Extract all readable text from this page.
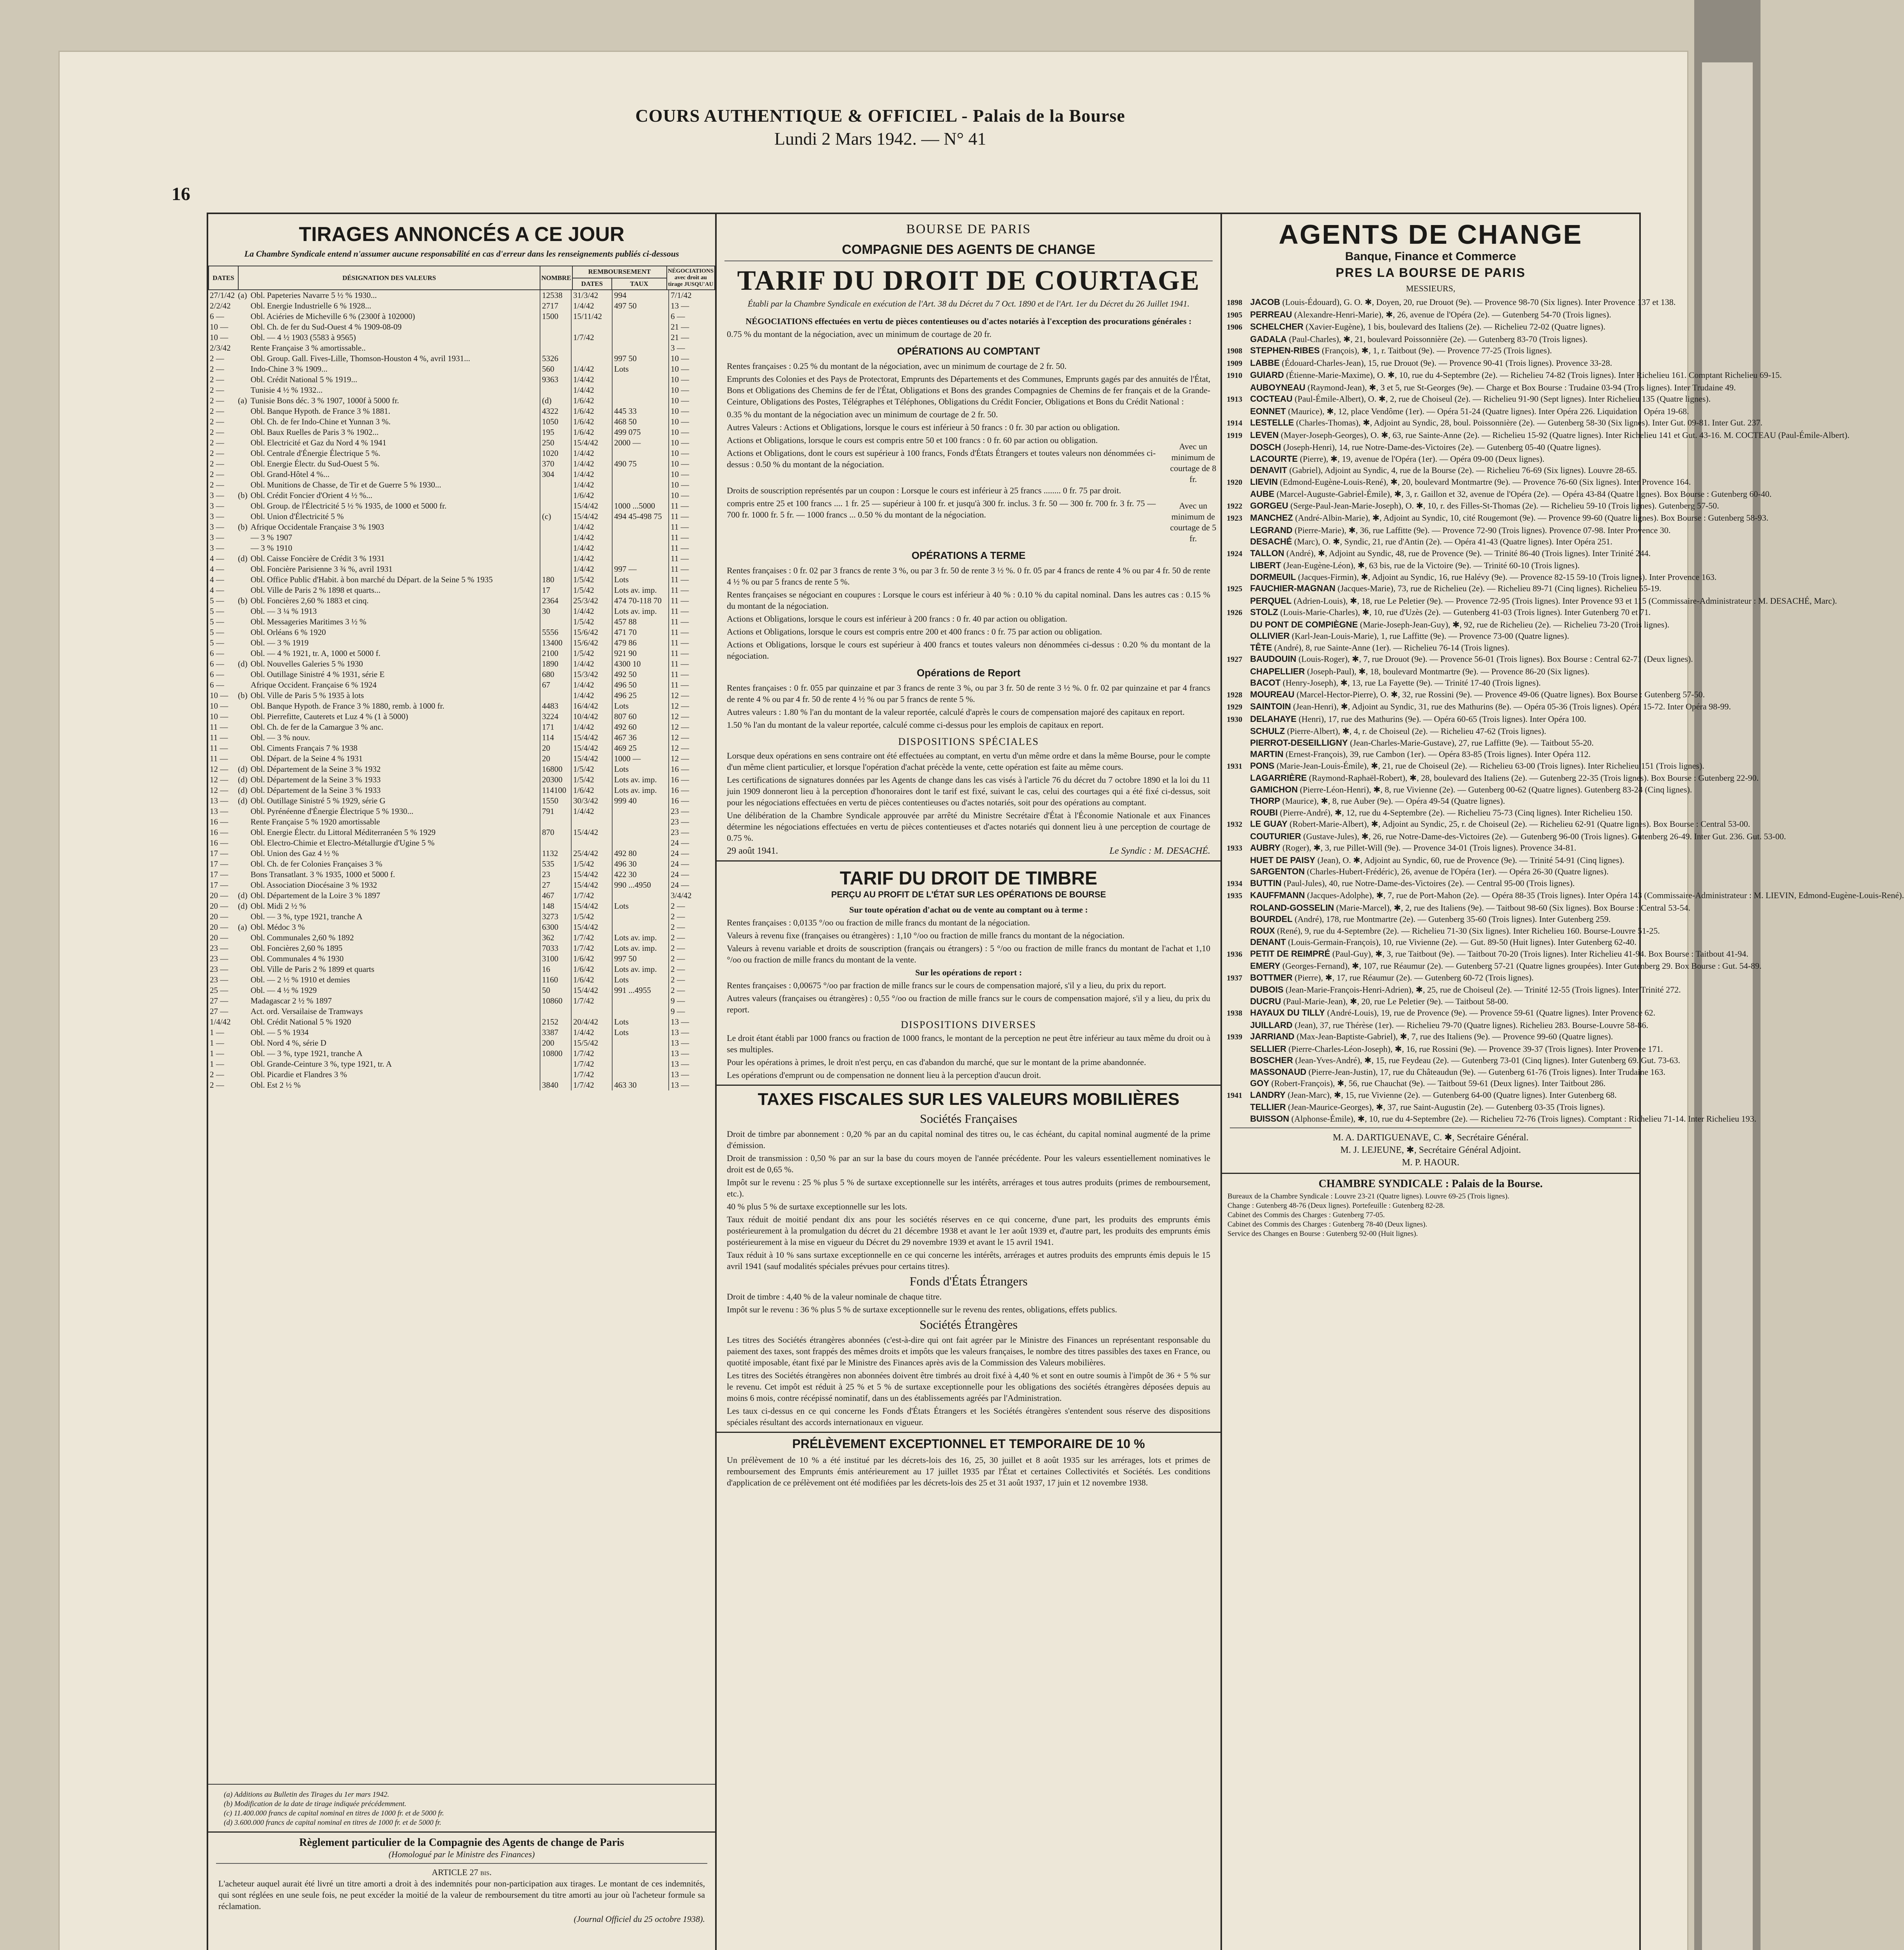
COURS AUTHENTIQUE & OFFICIEL - Palais de la Bourse
Lundi 2 Mars 1942. — N° 41
16
TIRAGES ANNONCÉS A CE JOUR
La Chambre Syndicale entend n'assumer aucune responsabilité en cas d'erreur dans les renseignements publiés ci-dessous
DATES	DÉSIGNATION DES VALEURS	NOMBRE	REMBOURSEMENT		NÉGOCIATIONS avec droit au tirage JUSQU'AU
			DATES	TAUX	
27/1/42	(a)	Obl. Papeteries Navarre 5 ½ % 1930...	12538	31/3/42	994	7/1/42
2/2/42		Obl. Energie Industrielle 6 % 1928...	2717	1/4/42	497 50	13 —
6 —		Obl. Aciéries de Micheville 6 % (2300f à 102000)	1500	15/11/42		6 —
10 —		Obl. Ch. de fer du Sud-Ouest 4 % 1909-08-09				21 —
10 —		Obl. — 4 ½ 1903 (5583 à 9565)		1/7/42		21 —
2/3/42		Rente Française 3 % amortissable..				3 —
2 —		Obl. Group. Gall. Fives-Lille, Thomson-Houston 4 %, avril 1931...	5326		997 50	10 —
2 —		Indo-Chine 3 % 1909...	560	1/4/42	Lots	10 —
2 —		Obl. Crédit National 5 % 1919...	9363	1/4/42		10 —
2 —		Tunisie 4 ½ % 1932...		1/4/42		10 —
2 —	(a)	Tunisie Bons déc. 3 % 1907, 1000f à 5000 fr.	(d)	1/6/42		10 —
2 —		Obl. Banque Hypoth. de France 3 % 1881.	4322	1/6/42	445 33	10 —
2 —		Obl. Ch. de fer Indo-Chine et Yunnan 3 %.	1050	1/6/42	468 50	10 —
2 —		Obl. Baux Ruelles de Paris 3 % 1902...	195	1/6/42	499 075	10 —
2 —		Obl. Electricité et Gaz du Nord 4 % 1941	250	15/4/42	2000 —	10 —
2 —		Obl. Centrale d'Énergie Électrique 5 %.	1020	1/4/42		10 —
2 —		Obl. Energie Électr. du Sud-Ouest 5 %.	370	1/4/42	490 75	10 —
2 —		Obl. Grand-Hôtel 4 %...	304	1/4/42		10 —
2 —		Obl. Munitions de Chasse, de Tir et de Guerre 5 % 1930...		1/4/42		10 —
3 —	(b)	Obl. Crédit Foncier d'Orient 4 ½ %...		1/6/42		10 —
3 —		Obl. Group. de l'Électricité 5 ½ % 1935, de 1000 et 5000 fr.		15/4/42	1000 ...5000	11 —
3 —		Obl. Union d'Électricité 5 %	(c)	15/4/42	494 45-498 75	11 —
3 —	(b)	Afrique Occidentale Française 3 % 1903		1/4/42		11 —
3 —		— 3 % 1907		1/4/42		11 —
3 —		— 3 % 1910		1/4/42		11 —
4 —	(d)	Obl. Caisse Foncière de Crédit 3 % 1931		1/4/42		11 —
4 —		Obl. Foncière Parisienne 3 ¾ %, avril 1931		1/4/42	997 —	11 —
4 —		Obl. Office Public d'Habit. à bon marché du Départ. de la Seine 5 % 1935	180	1/5/42	Lots	11 —
4 —		Obl. Ville de Paris 2 % 1898 et quarts...	17	1/5/42	Lots av. imp.	11 —
5 —	(b)	Obl. Foncières 2,60 % 1883 et cinq.	2364	25/3/42	474 70-118 70	11 —
5 —		Obl. — 3 ¼ % 1913	30	1/4/42	Lots av. imp.	11 —
5 —		Obl. Messageries Maritimes 3 ½ %		1/5/42	457 88	11 —
5 —		Obl. Orléans 6 % 1920	5556	15/6/42	471 70	11 —
5 —		Obl. — 3 % 1919	13400	15/6/42	479 86	11 —
6 —		Obl. — 4 % 1921, tr. A, 1000 et 5000 f.	2100	1/5/42	921 90	11 —
6 —	(d)	Obl. Nouvelles Galeries 5 % 1930	1890	1/4/42	4300 10	11 —
6 —		Obl. Outillage Sinistré 4 % 1931, série E	680	15/3/42	492 50	11 —
6 —		Afrique Occident. Française 6 % 1924	67	1/4/42	496 50	11 —
10 —	(b)	Obl. Ville de Paris 5 % 1935 à lots		1/4/42	496 25	12 —
10 —		Obl. Banque Hypoth. de France 3 % 1880, remb. à 1000 fr.	4483	16/4/42	Lots	12 —
10 —		Obl. Pierrefitte, Cauterets et Luz 4 % (1 à 5000)	3224	10/4/42	807 60	12 —
11 —		Obl. Ch. de fer de la Camargue 3 % anc.	171	1/4/42	492 60	12 —
11 —		Obl. — 3 % nouv.	114	15/4/42	467 36	12 —
11 —		Obl. Ciments Français 7 % 1938	20	15/4/42	469 25	12 —
11 —		Obl. Départ. de la Seine 4 % 1931	20	15/4/42	1000 —	12 —
12 —	(d)	Obl. Département de la Seine 3 % 1932	16800	1/5/42	Lots	16 —
12 —	(d)	Obl. Département de la Seine 3 % 1933	20300	1/5/42	Lots av. imp.	16 —
12 —	(d)	Obl. Département de la Seine 3 % 1933	114100	1/6/42	Lots av. imp.	16 —
13 —	(d)	Obl. Outillage Sinistré 5 % 1929, série G	1550	30/3/42	999 40	16 —
13 —		Obl. Pyrénéenne d'Énergie Électrique 5 % 1930...	791	1/4/42		23 —
16 —		Rente Française 5 % 1920 amortissable				23 —
16 —		Obl. Energie Électr. du Littoral Méditerranéen 5 % 1929	870	15/4/42		23 —
16 —		Obl. Electro-Chimie et Electro-Métallurgie d'Ugine 5 %				24 —
17 —		Obl. Union des Gaz 4 ½ %	1132	25/4/42	492 80	24 —
17 —		Obl. Ch. de fer Colonies Françaises 3 %	535	1/5/42	496 30	24 —
17 —		Bons Transatlant. 3 % 1935, 1000 et 5000 f.	23	15/4/42	422 30	24 —
17 —		Obl. Association Diocésaine 3 % 1932	27	15/4/42	990 ...4950	24 —
20 —	(d)	Obl. Département de la Loire 3 % 1897	467	1/7/42		3/4/42
20 —	(d)	Obl. Midi 2 ½ %	148	15/4/42	Lots	2 —
20 —		Obl. — 3 %, type 1921, tranche A	3273	1/5/42		2 —
20 —	(a)	Obl. Médoc 3 %	6300	15/4/42		2 —
20 —		Obl. Communales 2,60 % 1892	362	1/7/42	Lots av. imp.	2 —
23 —		Obl. Foncières 2,60 % 1895	7033	1/7/42	Lots av. imp.	2 —
23 —		Obl. Communales 4 % 1930	3100	1/6/42	997 50	2 —
23 —		Obl. Ville de Paris 2 % 1899 et quarts	16	1/6/42	Lots av. imp.	2 —
23 —		Obl. — 2 ½ % 1910 et demies	1160	1/6/42	Lots	2 —
25 —		Obl. — 4 ½ % 1929	50	15/4/42	991 ...4955	2 —
27 —		Madagascar 2 ½ % 1897	10860	1/7/42		9 —
27 —		Act. ord. Versailaise de Tramways				9 —
1/4/42		Obl. Crédit National 5 % 1920	2152	20/4/42	Lots	13 —
1 —		Obl. — 5 % 1934	3387	1/4/42	Lots	13 —
1 —		Obl. Nord 4 %, série D	200	15/5/42		13 —
1 —		Obl. — 3 %, type 1921, tranche A	10800	1/7/42		13 —
1 —		Obl. Grande-Ceinture 3 %, type 1921, tr. A		1/7/42		13 —
2 —		Obl. Picardie et Flandres 3 %		1/7/42		13 —
2 —		Obl. Est 2 ½ %	3840	1/7/42	463 30	13 —
(a) Additions au Bulletin des Tirages du 1er mars 1942.
(b) Modification de la date de tirage indiquée précédemment.
(c) 11.400.000 francs de capital nominal en titres de 1000 fr. et de 5000 fr.
(d) 3.600.000 francs de capital nominal en titres de 1000 fr. et de 5000 fr.
Règlement particulier de la Compagnie des Agents de change de Paris
(Homologué par le Ministre des Finances)
ARTICLE 27 bis.
L'acheteur auquel aurait été livré un titre amorti a droit à des indemnités pour non-participation aux tirages. Le montant de ces indemnités, qui sont réglées en une seule fois, ne peut excéder la moitié de la valeur de remboursement du titre amorti au jour où l'acheteur formule sa réclamation.
(Journal Officiel du 25 octobre 1938).
BOURSE DE PARIS
COMPAGNIE DES AGENTS DE CHANGE
TARIF DU DROIT DE COURTAGE
Établi par la Chambre Syndicale en exécution de l'Art. 38 du Décret du 7 Oct. 1890 et de l'Art. 1er du Décret du 26 Juillet 1941.
NÉGOCIATIONS effectuées en vertu de pièces contentieuses ou d'actes notariés à l'exception des procurations générales :
0.75 % du montant de la négociation, avec un minimum de courtage de 20 fr.
OPÉRATIONS AU COMPTANT
Rentes françaises : 0.25 % du montant de la négociation, avec un minimum de courtage de 2 fr. 50.
Emprunts des Colonies et des Pays de Protectorat, Emprunts des Départements et des Communes, Emprunts gagés par des annuités de l'État, Bons et Obligations des Chemins de fer de l'État, Obligations et Bons des grandes Compagnies de Chemins de fer français et de la Grande-Ceinture, Obligations des Postes, Télégraphes et Téléphones, Obligations du Crédit Foncier, Obligations et Bons du Crédit National :
0.35 % du montant de la négociation avec un minimum de courtage de 2 fr. 50.
Autres Valeurs : Actions et Obligations, lorsque le cours est inférieur à 50 francs : 0 fr. 30 par action ou obligation.
Actions et Obligations, lorsque le cours est compris entre 50 et 100 francs : 0 fr. 60 par action ou obligation.
Actions et Obligations, dont le cours est supérieur à 100 francs, Fonds d'États Étrangers et toutes valeurs non dénommées ci-dessus : 0.50 % du montant de la négociation.
Avec un minimum de courtage de 8 fr.
Droits de souscription représentés par un coupon : Lorsque le cours est inférieur à 25 francs ........ 0 fr. 75 par droit.
compris entre 25 et 100 francs .... 1 fr. 25 — supérieur à 100 fr. et jusqu'à 300 fr. inclus. 3 fr. 50 — 300 fr. 700 fr. 3 fr. 75 — 700 fr. 1000 fr. 5 fr. — 1000 francs ... 0.50 % du montant de la négociation.
Avec un minimum de courtage de 5 fr.
OPÉRATIONS A TERME
Rentes françaises : 0 fr. 02 par 3 francs de rente 3 %, ou par 3 fr. 50 de rente 3 ½ %. 0 fr. 05 par 4 francs de rente 4 % ou par 4 fr. 50 de rente 4 ½ % ou par 5 francs de rente 5 %.
Rentes françaises se négociant en coupures : Lorsque le cours est inférieur à 40 % : 0.10 % du capital nominal. Dans les autres cas : 0.15 % du montant de la négociation.
Actions et Obligations, lorsque le cours est inférieur à 200 francs : 0 fr. 40 par action ou obligation.
Actions et Obligations, lorsque le cours est compris entre 200 et 400 francs : 0 fr. 75 par action ou obligation.
Actions et Obligations, lorsque le cours est supérieur à 400 francs et toutes valeurs non dénommées ci-dessus : 0.20 % du montant de la négociation.
Opérations de Report
Rentes françaises : 0 fr. 055 par quinzaine et par 3 francs de rente 3 %, ou par 3 fr. 50 de rente 3 ½ %. 0 fr. 02 par quinzaine et par 4 francs de rente 4 % ou par 4 fr. 50 de rente 4 ½ % ou par 5 francs de rente 5 %.
Autres valeurs : 1.80 % l'an du montant de la valeur reportée, calculé d'après le cours de compensation majoré des capitaux en report.
1.50 % l'an du montant de la valeur reportée, calculé comme ci-dessus pour les emplois de capitaux en report.
DISPOSITIONS SPÉCIALES
Lorsque deux opérations en sens contraire ont été effectuées au comptant, en vertu d'un même ordre et dans la même Bourse, pour le compte d'un même client particulier, et lorsque l'opération d'achat précède la vente, cette opération est faite au même cours.
Les certifications de signatures données par les Agents de change dans les cas visés à l'article 76 du décret du 7 octobre 1890 et la loi du 11 juin 1909 donneront lieu à la perception d'honoraires dont le tarif est fixé, suivant le cas, celui des courtages qui a été fixé ci-dessus, soit pour les négociations effectuées en vertu de pièces contentieuses ou d'actes notariés, soit pour des opérations au comptant.
Une délibération de la Chambre Syndicale approuvée par arrêté du Ministre Secrétaire d'État à l'Économie Nationale et aux Finances détermine les négociations effectuées en vertu de pièces contentieuses et d'actes notariés qui donnent lieu à une perception de courtage de 0.75 %.
29 août 1941.	Le Syndic : M. DESACHÉ.
TARIF DU DROIT DE TIMBRE
PERÇU AU PROFIT DE L'ÉTAT SUR LES OPÉRATIONS DE BOURSE
Sur toute opération d'achat ou de vente au comptant ou à terme :
Rentes françaises : 0,0135 °/oo ou fraction de mille francs du montant de la négociation.
Valeurs à revenu fixe (françaises ou étrangères) : 1,10 °/oo ou fraction de mille francs du montant de la négociation.
Valeurs à revenu variable et droits de souscription (français ou étrangers) : 5 °/oo ou fraction de mille francs du montant de l'achat et 1,10 °/oo ou fraction de mille francs du montant de la vente.
Sur les opérations de report :
Rentes françaises : 0,00675 °/oo par fraction de mille francs sur le cours de compensation majoré, s'il y a lieu, du prix du report.
Autres valeurs (françaises ou étrangères) : 0,55 °/oo ou fraction de mille francs sur le cours de compensation majoré, s'il y a lieu, du prix du report.
DISPOSITIONS DIVERSES
Le droit étant établi par 1000 francs ou fraction de 1000 francs, le montant de la perception ne peut être inférieur au taux même du droit ou à ses multiples.
Pour les opérations à primes, le droit n'est perçu, en cas d'abandon du marché, que sur le montant de la prime abandonnée.
Les opérations d'emprunt ou de compensation ne donnent lieu à la perception d'aucun droit.
TAXES FISCALES SUR LES VALEURS MOBILIÈRES
Sociétés Françaises
Droit de timbre par abonnement : 0,20 % par an du capital nominal des titres ou, le cas échéant, du capital nominal augmenté de la prime d'émission.
Droit de transmission : 0,50 % par an sur la base du cours moyen de l'année précédente. Pour les valeurs essentiellement nominatives le droit est de 0,65 %.
Impôt sur le revenu : 25 % plus 5 % de surtaxe exceptionnelle sur les intérêts, arrérages et tous autres produits (primes de remboursement, etc.).
40 % plus 5 % de surtaxe exceptionnelle sur les lots.
Taux réduit de moitié pendant dix ans pour les sociétés réserves en ce qui concerne, d'une part, les produits des emprunts émis postérieurement à la promulgation du décret du 21 décembre 1938 et avant le 1er août 1939 et, d'autre part, les produits des emprunts émis postérieurement à la mise en vigueur du Décret du 29 novembre 1939 et avant le 15 avril 1941.
Taux réduit à 10 % sans surtaxe exceptionnelle en ce qui concerne les intérêts, arrérages et autres produits des emprunts émis depuis le 15 avril 1941 (sauf modalités spéciales prévues pour certains titres).
Fonds d'États Étrangers
Droit de timbre : 4,40 % de la valeur nominale de chaque titre.
Impôt sur le revenu : 36 % plus 5 % de surtaxe exceptionnelle sur le revenu des rentes, obligations, effets publics.
Sociétés Étrangères
Les titres des Sociétés étrangères abonnées (c'est-à-dire qui ont fait agréer par le Ministre des Finances un représentant responsable du paiement des taxes, sont frappés des mêmes droits et impôts que les valeurs françaises, le nombre des titres passibles des taxes en France, ou quotité imposable, étant fixé par le Ministre des Finances après avis de la Commission des Valeurs mobilières.
Les titres des Sociétés étrangères non abonnées doivent être timbrés au droit fixé à 4,40 % et sont en outre soumis à l'impôt de 36 + 5 % sur le revenu. Cet impôt est réduit à 25 % et 5 % de surtaxe exceptionnelle pour les obligations des sociétés étrangères déposées depuis au moins 6 mois, contre récépissé nominatif, dans un des établissements agréés par l'Administration.
Les taux ci-dessus en ce qui concerne les Fonds d'États Étrangers et les Sociétés étrangères s'entendent sous réserve des dispositions spéciales résultant des accords internationaux en vigueur.
PRÉLÈVEMENT EXCEPTIONNEL ET TEMPORAIRE DE 10 %
Un prélèvement de 10 % a été institué par les décrets-lois des 16, 25, 30 juillet et 8 août 1935 sur les arrérages, lots et primes de remboursement des Emprunts émis antérieurement au 17 juillet 1935 par l'État et certaines Collectivités et Sociétés. Les conditions d'application de ce prélèvement ont été modifiées par les décrets-lois des 25 et 31 août 1937, 17 juin et 12 novembre 1938.
AGENTS DE CHANGE
Banque, Finance et Commerce
PRES LA BOURSE DE PARIS
MESSIEURS,
1898 JACOB (Louis-Édouard), G. O. ✱, Doyen, 20, rue Drouot (9e). — Provence 98-70 (Six lignes). Inter Provence 137 et 138.
1905 PERREAU (Alexandre-Henri-Marie), ✱, 26, avenue de l'Opéra (2e). — Gutenberg 54-70 (Trois lignes).
1906 SCHELCHER (Xavier-Eugène), 1 bis, boulevard des Italiens (2e). — Richelieu 72-02 (Quatre lignes).
GADALA (Paul-Charles), ✱, 21, boulevard Poissonnière (2e). — Gutenberg 83-70 (Trois lignes).
1908 STEPHEN-RIBES (François), ✱, 1, r. Taitbout (9e). — Provence 77-25 (Trois lignes).
1909 LABBE (Édouard-Charles-Jean), 15, rue Drouot (9e). — Provence 90-41 (Trois lignes). Provence 33-28.
1910 GUIARD (Étienne-Marie-Maxime), O. ✱, 10, rue du 4-Septembre (2e). — Richelieu 74-82 (Trois lignes). Inter Richelieu 161. Comptant Richelieu 69-15.
AUBOYNEAU (Raymond-Jean), ✱, 3 et 5, rue St-Georges (9e). — Charge et Box Bourse : Trudaine 03-94 (Trois lignes). Inter Trudaine 49.
1913 COCTEAU (Paul-Émile-Albert), O. ✱, 2, rue de Choiseul (2e). — Richelieu 91-90 (Sept lignes). Inter Richelieu 135 (Quatre lignes).
EONNET (Maurice), ✱, 12, place Vendôme (1er). — Opéra 51-24 (Quatre lignes). Inter Opéra 226. Liquidation : Opéra 19-68.
1914 LESTELLE (Charles-Thomas), ✱, Adjoint au Syndic, 28, boul. Poissonnière (2e). — Gutenberg 58-30 (Six lignes). Inter Gut. 09-81. Inter Gut. 237.
1919 LEVEN (Mayer-Joseph-Georges), O. ✱, 63, rue Sainte-Anne (2e). — Richelieu 15-92 (Quatre lignes). Inter Richelieu 141 et Gut. 43-16. M. COCTEAU (Paul-Émile-Albert).
DOSCH (Joseph-Henri), 14, rue Notre-Dame-des-Victoires (2e). — Gutenberg 05-40 (Quatre lignes).
LACOURTE (Pierre), ✱, 19, avenue de l'Opéra (1er). — Opéra 09-00 (Deux lignes).
DENAVIT (Gabriel), Adjoint au Syndic, 4, rue de la Bourse (2e). — Richelieu 76-69 (Six lignes). Louvre 28-65.
1920 LIEVIN (Edmond-Eugène-Louis-René), ✱, 20, boulevard Montmartre (9e). — Provence 76-60 (Six lignes). Inter Provence 164.
AUBE (Marcel-Auguste-Gabriel-Émile), ✱, 3, r. Gaillon et 32, avenue de l'Opéra (2e). — Opéra 43-84 (Quatre lignes). Box Bourse : Gutenberg 60-40.
1922 GORGEU (Serge-Paul-Jean-Marie-Joseph), O. ✱, 10, r. des Filles-St-Thomas (2e). — Richelieu 59-10 (Trois lignes). Gutenberg 57-50.
1923 MANCHEZ (André-Albin-Marie), ✱, Adjoint au Syndic, 10, cité Rougemont (9e). — Provence 99-60 (Quatre lignes). Box Bourse : Gutenberg 58-93.
LEGRAND (Pierre-Marie), ✱, 36, rue Laffitte (9e). — Provence 72-90 (Trois lignes). Provence 07-98. Inter Provence 30.
DESACHÉ (Marc), O. ✱, Syndic, 21, rue d'Antin (2e). — Opéra 41-43 (Quatre lignes). Inter Opéra 251.
1924 TALLON (André), ✱, Adjoint au Syndic, 48, rue de Provence (9e). — Trinité 86-40 (Trois lignes). Inter Trinité 244.
LIBERT (Jean-Eugène-Léon), ✱, 63 bis, rue de la Victoire (9e). — Trinité 60-10 (Trois lignes).
DORMEUIL (Jacques-Firmin), ✱, Adjoint au Syndic, 16, rue Halévy (9e). — Provence 82-15 59-10 (Trois lignes). Inter Provence 163.
1925 FAUCHIER-MAGNAN (Jacques-Marie), 73, rue de Richelieu (2e). — Richelieu 89-71 (Cinq lignes). Richelieu 55-19.
PERQUEL (Adrien-Louis), ✱, 18, rue Le Peletier (9e). — Provence 72-95 (Trois lignes). Inter Provence 93 et 115 (Commissaire-Administrateur : M. DESACHÉ, Marc).
1926 STOLZ (Louis-Marie-Charles), ✱, 10, rue d'Uzès (2e). — Gutenberg 41-03 (Trois lignes). Inter Gutenberg 70 et 71.
DU PONT DE COMPIÈGNE (Marie-Joseph-Jean-Guy), ✱, 92, rue de Richelieu (2e). — Richelieu 73-20 (Trois lignes).
OLLIVIER (Karl-Jean-Louis-Marie), 1, rue Laffitte (9e). — Provence 73-00 (Quatre lignes).
TÊTE (André), 8, rue Sainte-Anne (1er). — Richelieu 76-14 (Trois lignes).
1927 BAUDOUIN (Louis-Roger), ✱, 7, rue Drouot (9e). — Provence 56-01 (Trois lignes). Box Bourse : Central 62-71 (Deux lignes).
CHAPELLIER (Joseph-Paul), ✱, 18, boulevard Montmartre (9e). — Provence 86-20 (Six lignes).
BACOT (Henry-Joseph), ✱, 13, rue La Fayette (9e). — Trinité 17-40 (Trois lignes).
1928 MOUREAU (Marcel-Hector-Pierre), O. ✱, 32, rue Rossini (9e). — Provence 49-06 (Quatre lignes). Box Bourse : Gutenberg 57-50.
1929 SAINTOIN (Jean-Henri), ✱, Adjoint au Syndic, 31, rue des Mathurins (8e). — Opéra 05-36 (Trois lignes). Opéra 15-72. Inter Opéra 98-99.
1930 DELAHAYE (Henri), 17, rue des Mathurins (9e). — Opéra 60-65 (Trois lignes). Inter Opéra 100.
SCHULZ (Pierre-Albert), ✱, 4, r. de Choiseul (2e). — Richelieu 47-62 (Trois lignes).
PIERROT-DESEILLIGNY (Jean-Charles-Marie-Gustave), 27, rue Laffitte (9e). — Taitbout 55-20.
MARTIN (Ernest-François), 39, rue Cambon (1er). — Opéra 83-85 (Trois lignes). Inter Opéra 112.
1931 PONS (Marie-Jean-Louis-Émile), ✱, 21, rue de Choiseul (2e). — Richelieu 63-00 (Trois lignes). Inter Richelieu 151 (Trois lignes).
LAGARRIÈRE (Raymond-Raphaël-Robert), ✱, 28, boulevard des Italiens (2e). — Gutenberg 22-35 (Trois lignes). Box Bourse : Gutenberg 22-90.
GAMICHON (Pierre-Léon-Henri), ✱, 8, rue Vivienne (2e). — Gutenberg 00-62 (Quatre lignes). Gutenberg 83-24 (Cinq lignes).
THORP (Maurice), ✱, 8, rue Auber (9e). — Opéra 49-54 (Quatre lignes).
ROUBI (Pierre-André), ✱, 12, rue du 4-Septembre (2e). — Richelieu 75-73 (Cinq lignes). Inter Richelieu 150.
1932 LE GUAY (Robert-Marie-Albert), ✱, Adjoint au Syndic, 25, r. de Choiseul (2e). — Richelieu 62-91 (Quatre lignes). Box Bourse : Central 53-00.
COUTURIER (Gustave-Jules), ✱, 26, rue Notre-Dame-des-Victoires (2e). — Gutenberg 96-00 (Trois lignes). Gutenberg 26-49. Inter Gut. 236. Gut. 53-00.
1933 AUBRY (Roger), ✱, 3, rue Pillet-Will (9e). — Provence 34-01 (Trois lignes). Provence 34-81.
HUET DE PAISY (Jean), O. ✱, Adjoint au Syndic, 60, rue de Provence (9e). — Trinité 54-91 (Cinq lignes).
SARGENTON (Charles-Hubert-Frédéric), 26, avenue de l'Opéra (1er). — Opéra 26-30 (Quatre lignes).
1934 BUTTIN (Paul-Jules), 40, rue Notre-Dame-des-Victoires (2e). — Central 95-00 (Trois lignes).
1935 KAUFFMANN (Jacques-Adolphe), ✱, 7, rue de Port-Mahon (2e). — Opéra 88-35 (Trois lignes). Inter Opéra 143 (Commissaire-Administrateur : M. LIEVIN, Edmond-Eugène-Louis-René).
ROLAND-GOSSELIN (Marie-Marcel), ✱, 2, rue des Italiens (9e). — Taitbout 98-60 (Six lignes). Box Bourse : Central 53-54.
BOURDEL (André), 178, rue Montmartre (2e). — Gutenberg 35-60 (Trois lignes). Inter Gutenberg 259.
ROUX (René), 9, rue du 4-Septembre (2e). — Richelieu 71-30 (Six lignes). Inter Richelieu 160. Bourse-Louvre 51-25.
DENANT (Louis-Germain-François), 10, rue Vivienne (2e). — Gut. 89-50 (Huit lignes). Inter Gutenberg 62-40.
1936 PETIT DE REIMPRÉ (Paul-Guy), ✱, 3, rue Taitbout (9e). — Taitbout 70-20 (Trois lignes). Inter Richelieu 41-94. Box Bourse : Taitbout 41-94.
EMERY (Georges-Fernand), ✱, 107, rue Réaumur (2e). — Gutenberg 57-21 (Quatre lignes groupées). Inter Gutenberg 29. Box Bourse : Gut. 54-89.
1937 BOTTMER (Pierre), ✱, 17, rue Réaumur (2e). — Gutenberg 60-72 (Trois lignes).
DUBOIS (Jean-Marie-François-Henri-Adrien), ✱, 25, rue de Choiseul (2e). — Trinité 12-55 (Trois lignes). Inter Trinité 272.
DUCRU (Paul-Marie-Jean), ✱, 20, rue Le Peletier (9e). — Taitbout 58-00.
1938 HAYAUX DU TILLY (André-Louis), 19, rue de Provence (9e). — Provence 59-61 (Quatre lignes). Inter Provence 62.
JUILLARD (Jean), 37, rue Thérèse (1er). — Richelieu 79-70 (Quatre lignes). Richelieu 283. Bourse-Louvre 58-86.
1939 JARRIAND (Max-Jean-Baptiste-Gabriel), ✱, 7, rue des Italiens (9e). — Provence 99-60 (Quatre lignes).
SELLIER (Pierre-Charles-Léon-Joseph), ✱, 16, rue Rossini (9e). — Provence 39-37 (Trois lignes). Inter Provence 171.
BOSCHER (Jean-Yves-André), ✱, 15, rue Feydeau (2e). — Gutenberg 73-01 (Cinq lignes). Inter Gutenberg 69. Gut. 73-63.
MASSONAUD (Pierre-Jean-Justin), 17, rue du Châteaudun (9e). — Gutenberg 61-76 (Trois lignes). Inter Trudaine 163.
GOY (Robert-François), ✱, 56, rue Chauchat (9e). — Taitbout 59-61 (Deux lignes). Inter Taitbout 286.
1941 LANDRY (Jean-Marc), ✱, 15, rue Vivienne (2e). — Gutenberg 64-00 (Quatre lignes). Inter Gutenberg 68.
TELLIER (Jean-Maurice-Georges), ✱, 37, rue Saint-Augustin (2e). — Gutenberg 03-35 (Trois lignes).
BUISSON (Alphonse-Émile), ✱, 10, rue du 4-Septembre (2e). — Richelieu 72-76 (Trois lignes). Comptant : Richelieu 71-14. Inter Richelieu 193.
M. A. DARTIGUENAVE, C. ✱, Secrétaire Général.
M. J. LEJEUNE, ✱, Secrétaire Général Adjoint.
M. P. HAOUR.
CHAMBRE SYNDICALE : Palais de la Bourse.
Bureaux de la Chambre Syndicale : Louvre 23-21 (Quatre lignes). Louvre 69-25 (Trois lignes).
Change : Gutenberg 48-76 (Deux lignes). Portefeuille : Gutenberg 82-28.
Cabinet des Commis des Charges : Gutenberg 77-05.
Cabinet des Commis des Charges : Gutenberg 78-40 (Deux lignes).
Service des Changes en Bourse : Gutenberg 92-00 (Huit lignes).
